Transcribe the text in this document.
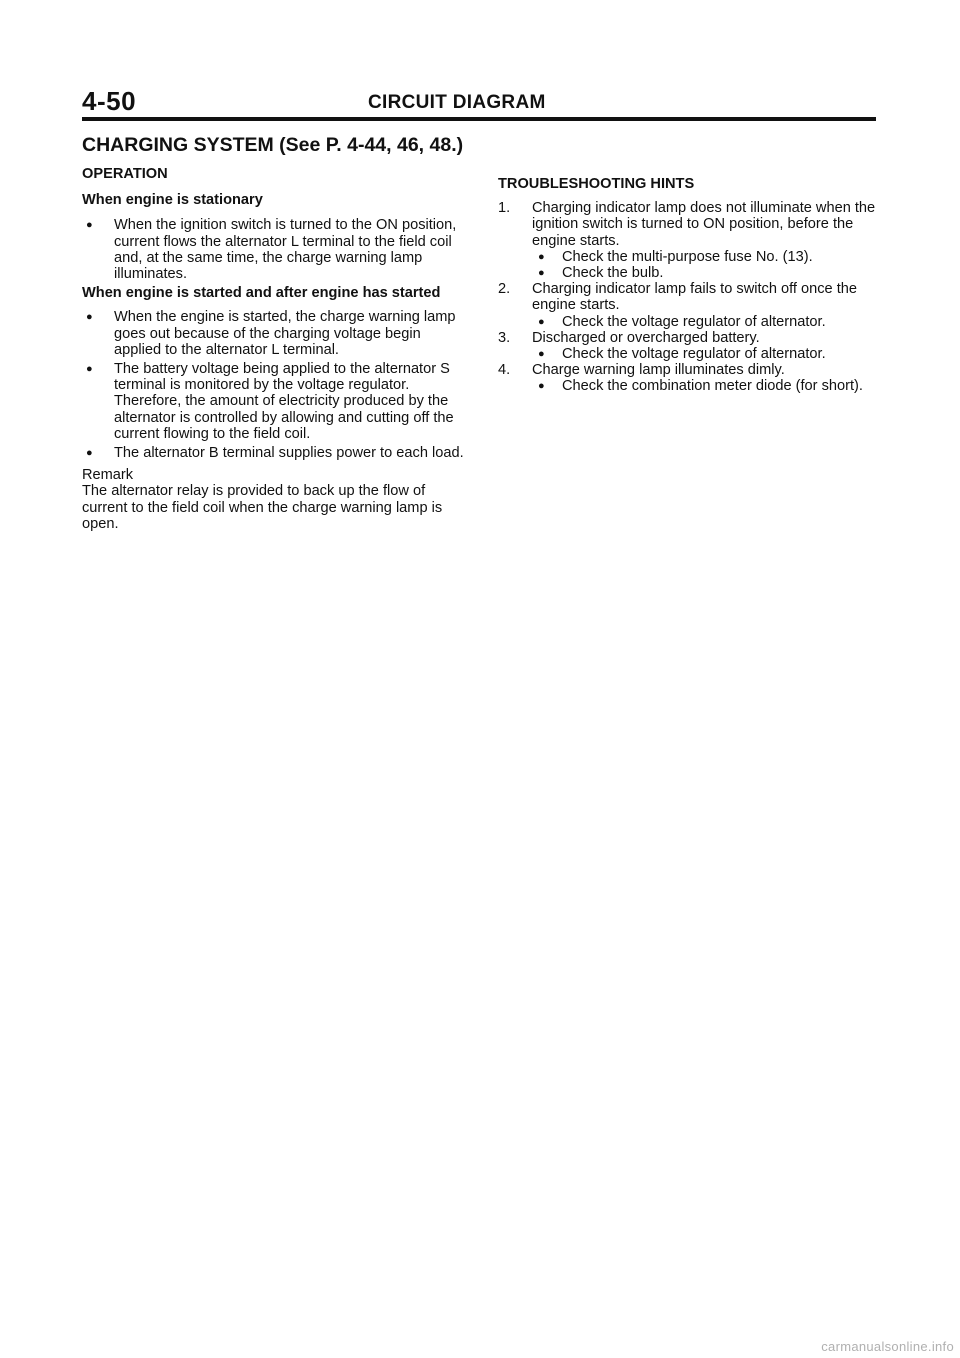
4-50	CIRCUIT DIAGRAM
CHARGING SYSTEM (See P. 4-44, 46, 48.)
OPERATION
When engine is stationary
● When the ignition switch is turned to the ON position, current flows the alternator L terminal to the field coil and, at the same time, the charge warning lamp illuminates.
When engine is started and after engine has started
● When the engine is started, the charge warning lamp goes out because of the charging voltage begin applied to the alternator L terminal.
● The battery voltage being applied to the alternator S terminal is monitored by the voltage regulator. Therefore, the amount of electricity produced by the alternator is controlled by allowing and cutting off the current flowing to the field coil.
● The alternator B terminal supplies power to each load.
Remark
The alternator relay is provided to back up the flow of current to the field coil when the charge warning lamp is open.
TROUBLESHOOTING HINTS
1. Charging indicator lamp does not illuminate when the ignition switch is turned to ON position, before the engine starts.
● Check the multi-purpose fuse No. (13).
● Check the bulb.
2. Charging indicator lamp fails to switch off once the engine starts.
● Check the voltage regulator of alternator.
3. Discharged or overcharged battery.
● Check the voltage regulator of alternator.
4. Charge warning lamp illuminates dimly.
● Check the combination meter diode (for short).
carmanualsonline.info
